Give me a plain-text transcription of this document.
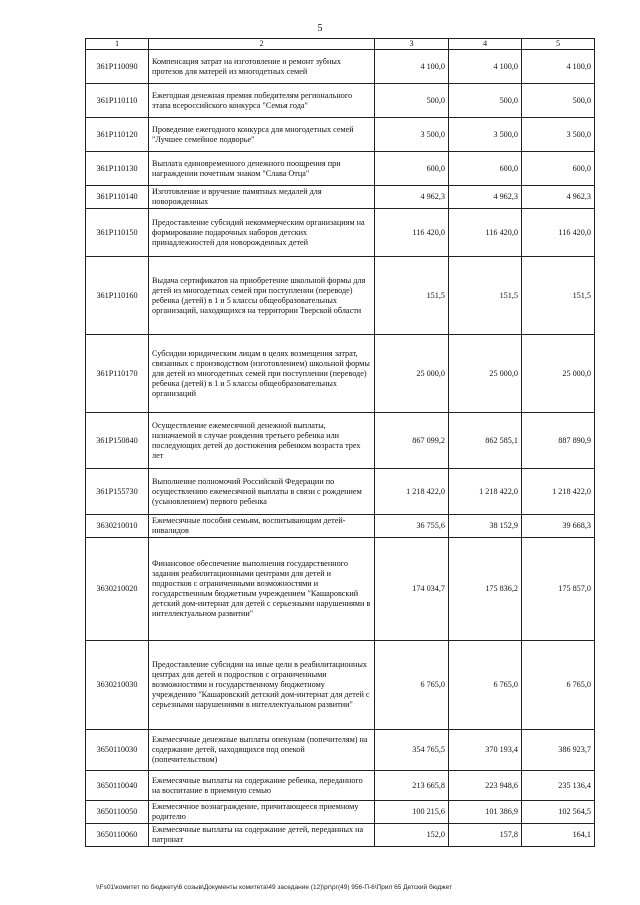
5
1	2	3	4	5
361P110090	Компенсация затрат на изготовление и ремонт зубных протезов для матерей из многодетных семей	4 100,0	4 100,0	4 100,0
361P110110	Ежегодная денежная премия победителям регионального этапа всероссийского конкурса "Семья года"	500,0	500,0	500,0
361P110120	Проведение ежегодного конкурса для многодетных семей "Лучшее семейное подворье"	3 500,0	3 500,0	3 500,0
361P110130	Выплата единовременного денежного поощрения при награждении почетным знаком "Слава Отца"	600,0	600,0	600,0
361P110140	Изготовление и вручение памятных медалей для новорожденных	4 962,3	4 962,3	4 962,3
361P110150	Предоставление субсидий некоммерческим организациям на формирование подарочных наборов детских принадлежностей для новорожденных детей	116 420,0	116 420,0	116 420,0
361P110160	Выдача сертификатов на приобретение школьной формы для детей из многодетных семей при поступлении (переводе) ребенка (детей) в 1 и 5 классы общеобразовательных организаций, находящихся на территории Тверской области	151,5	151,5	151,5
361P110170	Субсидии юридическим лицам в целях возмещения затрат, связанных с производством (изготовлением) школьной формы для детей из многодетных семей при поступлении (переводе) ребенка (детей) в 1 и 5 классы общеобразовательных организаций	25 000,0	25 000,0	25 000,0
361P150840	Осуществление ежемесячной денежной выплаты, назначаемой в случае рождения третьего ребенка или последующих детей до достижения ребенком возраста трех лет	867 099,2	862 585,1	887 890,9
361P155730	Выполнение полномочий Российской Федерации по осуществлению ежемесячной выплаты в связи с рождением (усыновлением) первого ребенка	1 218 422,0	1 218 422,0	1 218 422,0
3630210010	Ежемесячные пособия семьям, воспитывающим детей-инвалидов	36 755,6	38 152,9	39 668,3
3630210020	Финансовое обеспечение выполнения государственного задания реабилитационными центрами для детей и подростков с ограниченными возможностями и государственным бюджетным учреждением "Кашаровский детский дом-интернат для детей с серьезными нарушениями в интеллектуальном развитии"	174 034,7	175 836,2	175 857,0
3630210030	Предоставление субсидии на иные цели в реабилитационных центрах для детей и подростков с ограниченными возможностями и государственному бюджетному учреждению "Кашаровский детский дом-интернат для детей с серьезными нарушениями в интеллектуальном развитии"	6 765,0	6 765,0	6 765,0
3650110030	Ежемесячные денежные выплаты опекунам (попечителям) на содержание детей, находящихся под опекой (попечительством)	354 765,5	370 193,4	386 923,7
3650110040	Ежемесячные выплаты на содержание ребенка, переданного на воспитание в приемную семью	213 665,8	223 948,6	235 136,4
3650110050	Ежемесячное вознаграждение, причитающееся приемному родителю	100 215,6	101 386,9	102 564,5
3650110060	Ежемесячные выплаты на содержание детей, переданных на патронат	152,0	157,8	164,1
\\Fs01\комитет по бюджету\6 созыв\Документы комитета\49 заседание (12)\рг\рг(49) 956-П-6\Прил 65 Детский бюджет
